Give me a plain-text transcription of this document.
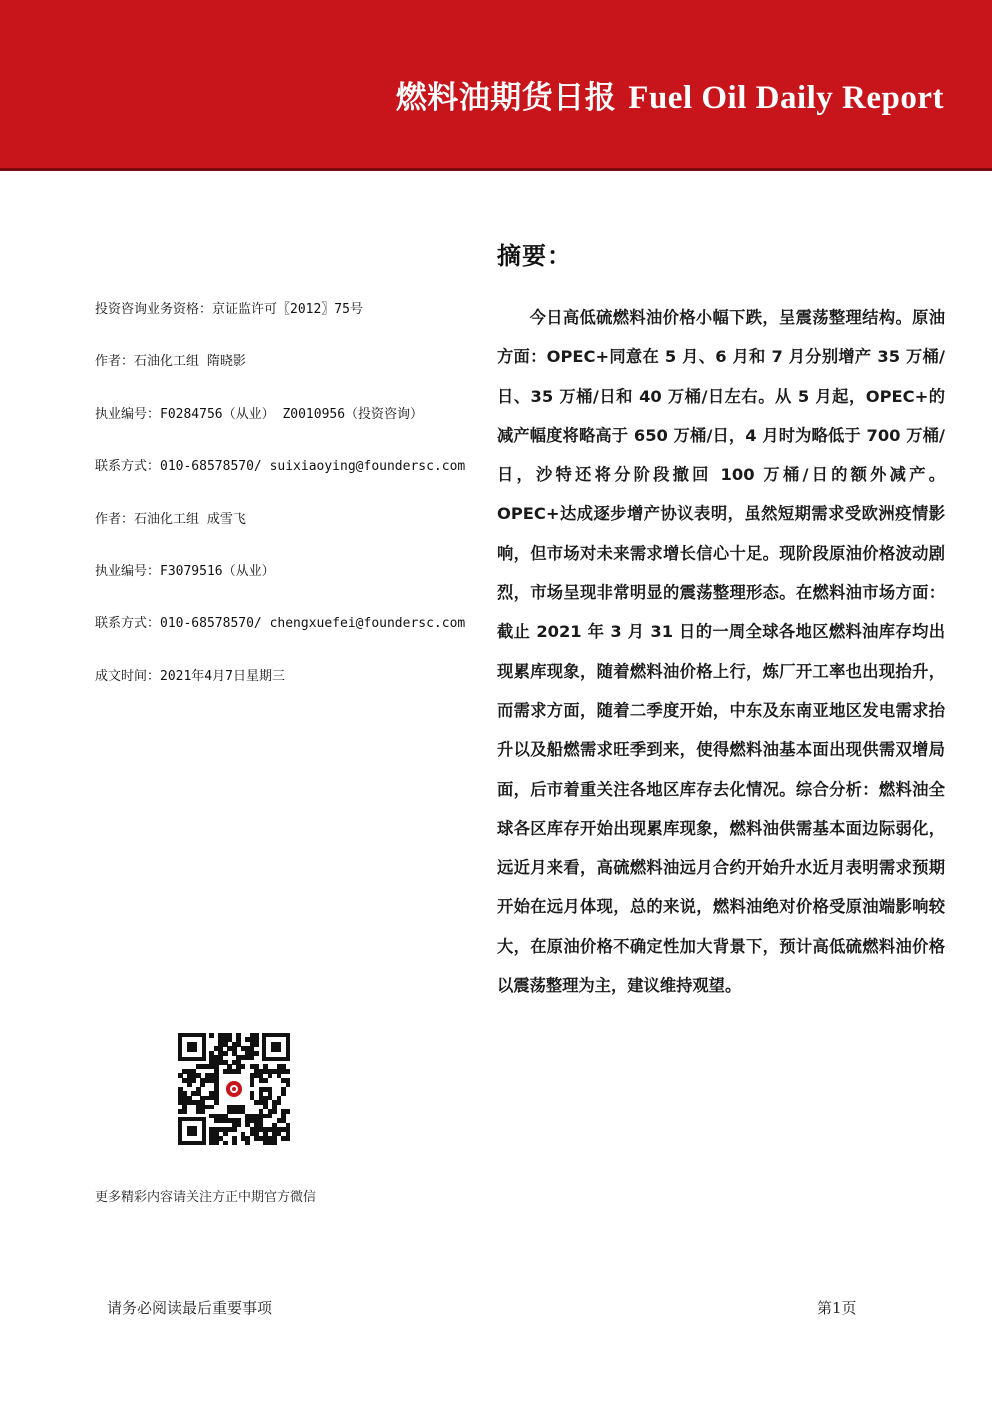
燃料油期货日报 Fuel Oil Daily Report
投资咨询业务资格：京证监许可〖2012〗75号
作者：石油化工组 隋晓影
执业编号：F0284756（从业） Z0010956（投资咨询）
联系方式：010-68578570/ suixiaoying@foundersc.com
作者：石油化工组 成雪飞
执业编号：F3079516（从业）
联系方式：010-68578570/ chengxuefei@foundersc.com
成文时间：2021年4月7日星期三
摘要：
今日高低硫燃料油价格小幅下跌，呈震荡整理结构。原油方面：OPEC+同意在 5 月、6 月和 7 月分别增产 35 万桶/日、35 万桶/日和 40 万桶/日左右。从 5 月起，OPEC+的减产幅度将略高于 650 万桶/日，4 月时为略低于 700 万桶/日，沙特还将分阶段撤回 100 万桶/日的额外减产。OPEC+达成逐步增产协议表明，虽然短期需求受欧洲疫情影响，但市场对未来需求增长信心十足。现阶段原油价格波动剧烈，市场呈现非常明显的震荡整理形态。在燃料油市场方面：截止 2021 年 3 月 31 日的一周全球各地区燃料油库存均出现累库现象，随着燃料油价格上行，炼厂开工率也出现抬升，而需求方面，随着二季度开始，中东及东南亚地区发电需求抬升以及船燃需求旺季到来，使得燃料油基本面出现供需双增局面，后市着重关注各地区库存去化情况。综合分析：燃料油全球各区库存开始出现累库现象，燃料油供需基本面边际弱化，远近月来看，高硫燃料油远月合约开始升水近月表明需求预期开始在远月体现，总的来说，燃料油绝对价格受原油端影响较大，在原油价格不确定性加大背景下，预计高低硫燃料油价格以震荡整理为主，建议维持观望。
更多精彩内容请关注方正中期官方微信
请务必阅读最后重要事项	第1页
